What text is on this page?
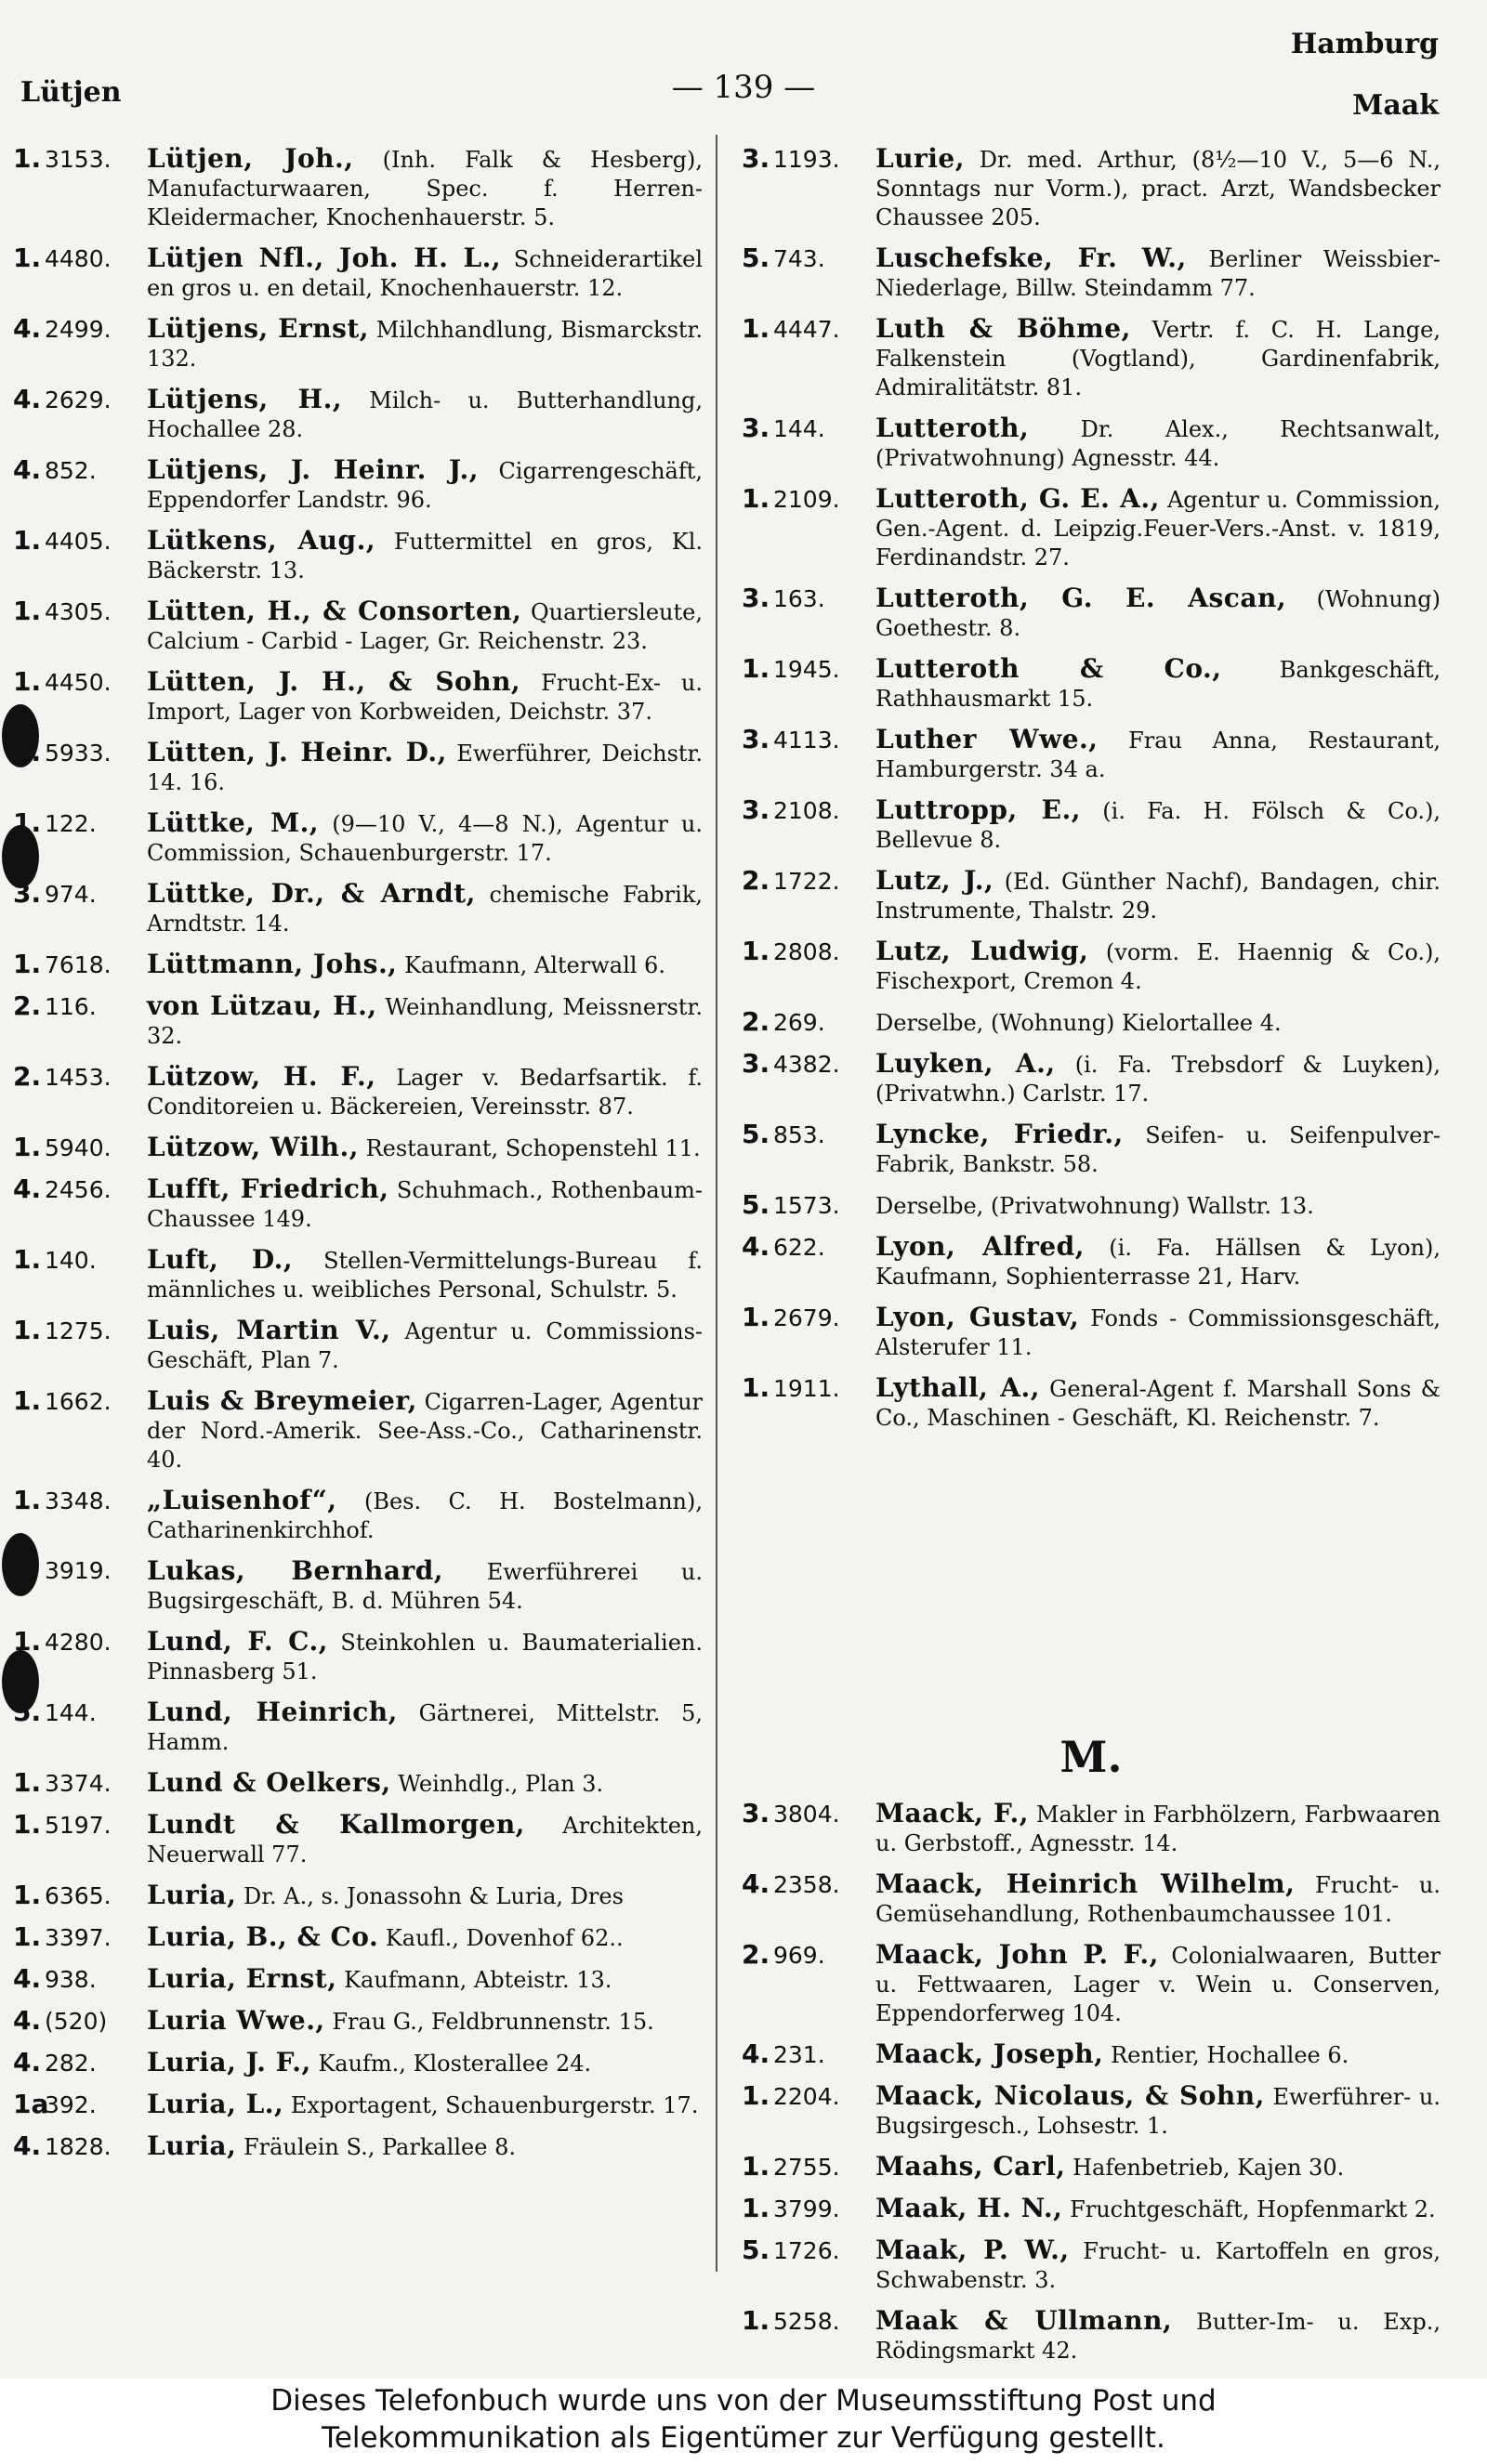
Hamburg
Lütjen	— 139 —	Maak
1. 3153.	Lütjen, Joh., (Inh. Falk & Hesberg), Manufacturwaaren, Spec. f. Herren-Kleidermacher, Knochenhauerstr. 5.
1. 4480.	Lütjen Nfl., Joh. H. L., Schneiderartikel en gros u. en detail, Knochenhauerstr. 12.
4. 2499.	Lütjens, Ernst, Milchhandlung, Bismarckstr. 132.
4. 2629.	Lütjens, H., Milch- u. Butterhandlung, Hochallee 28.
4. 852.	Lütjens, J. Heinr. J., Cigarrengeschäft, Eppendorfer Landstr. 96.
1. 4405.	Lütkens, Aug., Futtermittel en gros, Kl. Bäckerstr. 13.
1. 4305.	Lütten, H., & Consorten, Quartiersleute, Calcium - Carbid - Lager, Gr. Reichenstr. 23.
1. 4450.	Lütten, J. H., & Sohn, Frucht-Ex- u. Import, Lager von Korbweiden, Deichstr. 37.
1. 5933.	Lütten, J. Heinr. D., Ewerführer, Deichstr. 14. 16.
1. 122.	Lüttke, M., (9—10 V., 4—8 N.), Agentur u. Commission, Schauenburgerstr. 17.
3. 974.	Lüttke, Dr., & Arndt, chemische Fabrik, Arndtstr. 14.
1. 7618.	Lüttmann, Johs., Kaufmann, Alterwall 6.
2. 116.	von Lützau, H., Weinhandlung, Meissnerstr. 32.
2. 1453.	Lützow, H. F., Lager v. Bedarfsartik. f. Conditoreien u. Bäckereien, Vereinsstr. 87.
1. 5940.	Lützow, Wilh., Restaurant, Schopenstehl 11.
4. 2456.	Lufft, Friedrich, Schuhmach., Rothenbaum-Chaussee 149.
1. 140.	Luft, D., Stellen-Vermittelungs-Bureau f. männliches u. weibliches Personal, Schulstr. 5.
1. 1275.	Luis, Martin V., Agentur u. Commissions-Geschäft, Plan 7.
1. 1662.	Luis & Breymeier, Cigarren-Lager, Agentur der Nord.-Amerik. See-Ass.-Co., Catharinenstr. 40.
1. 3348.	„Luisenhof“, (Bes. C. H. Bostelmann), Catharinenkirchhof.
3919.	Lukas, Bernhard, Ewerführerei u. Bugsirgeschäft, B. d. Mühren 54.
1. 4280.	Lund, F. C., Steinkohlen u. Baumaterialien. Pinnasberg 51.
5. 144.	Lund, Heinrich, Gärtnerei, Mittelstr. 5, Hamm.
1. 3374.	Lund & Oelkers, Weinhdlg., Plan 3.
1. 5197.	Lundt & Kallmorgen, Architekten, Neuerwall 77.
1. 6365.	Luria, Dr. A., s. Jonassohn & Luria, Dres
1. 3397.	Luria, B., & Co. Kaufl., Dovenhof 62..
4. 938.	Luria, Ernst, Kaufmann, Abteistr. 13.
4. (520)	Luria Wwe., Frau G., Feldbrunnenstr. 15.
4. 282.	Luria, J. F., Kaufm., Klosterallee 24.
1a392.	Luria, L., Exportagent, Schauenburgerstr. 17.
4. 1828.	Luria, Fräulein S., Parkallee 8.
3. 1193.	Lurie, Dr. med. Arthur, (8½—10 V., 5—6 N., Sonntags nur Vorm.), pract. Arzt, Wandsbecker Chaussee 205.
5. 743.	Luschefske, Fr. W., Berliner Weissbier-Niederlage, Billw. Steindamm 77.
1. 4447.	Luth & Böhme, Vertr. f. C. H. Lange, Falkenstein (Vogtland), Gardinenfabrik, Admiralitätstr. 81.
3. 144.	Lutteroth, Dr. Alex., Rechtsanwalt, (Privatwohnung) Agnesstr. 44.
1. 2109.	Lutteroth, G. E. A., Agentur u. Commission, Gen.-Agent. d. Leipzig.Feuer-Vers.-Anst. v. 1819, Ferdinandstr. 27.
3. 163.	Lutteroth, G. E. Ascan, (Wohnung) Goethestr. 8.
1. 1945.	Lutteroth & Co.,	Bankgeschäft, Rathhausmarkt 15.
3. 4113.	Luther Wwe., Frau Anna, Restaurant, Hamburgerstr. 34 a.
3. 2108.	Luttropp, E., (i. Fa. H. Fölsch & Co.), Bellevue 8.
2. 1722.	Lutz, J., (Ed. Günther Nachf), Bandagen, chir. Instrumente, Thalstr. 29.
1. 2808.	Lutz, Ludwig, (vorm. E. Haennig & Co.), Fischexport, Cremon 4.
2. 269.	Derselbe, (Wohnung) Kielortallee 4.
3. 4382.	Luyken, A., (i. Fa. Trebsdorf & Luyken), (Privatwhn.) Carlstr. 17.
5. 853.	Lyncke, Friedr., Seifen- u. Seifenpulver-Fabrik, Bankstr. 58.
5. 1573.	Derselbe, (Privatwohnung) Wallstr. 13.
4. 622.	Lyon, Alfred, (i. Fa. Hällsen & Lyon), Kaufmann, Sophienterrasse 21, Harv.
1. 2679.	Lyon, Gustav, Fonds - Commissionsgeschäft, Alsterufer 11.
1. 1911.	Lythall, A., General-Agent f. Marshall Sons & Co., Maschinen - Geschäft, Kl. Reichenstr. 7.
M.
3. 3804.	Maack, F., Makler in Farbhölzern, Farbwaaren u. Gerbstoff., Agnesstr. 14.
4. 2358.	Maack, Heinrich Wilhelm, Frucht- u. Gemüsehandlung, Rothenbaumchaussee 101.
2. 969.	Maack, John P. F., Colonialwaaren, Butter u. Fettwaaren, Lager v. Wein u. Conserven, Eppendorferweg 104.
4. 231.	Maack, Joseph, Rentier, Hochallee 6.
1. 2204.	Maack, Nicolaus, & Sohn, Ewerführer- u. Bugsirgesch., Lohsestr. 1.
1. 2755.	Maahs, Carl, Hafenbetrieb, Kajen 30.
1. 3799.	Maak, H. N., Fruchtgeschäft, Hopfenmarkt 2.
5. 1726.	Maak, P. W., Frucht- u. Kartoffeln en gros, Schwabenstr. 3.
1. 5258.	Maak & Ullmann, Butter-Im- u. Exp., Rödingsmarkt 42.
Dieses Telefonbuch wurde uns von der Museumsstiftung Post und
Telekommunikation als Eigentümer zur Verfügung gestellt.
